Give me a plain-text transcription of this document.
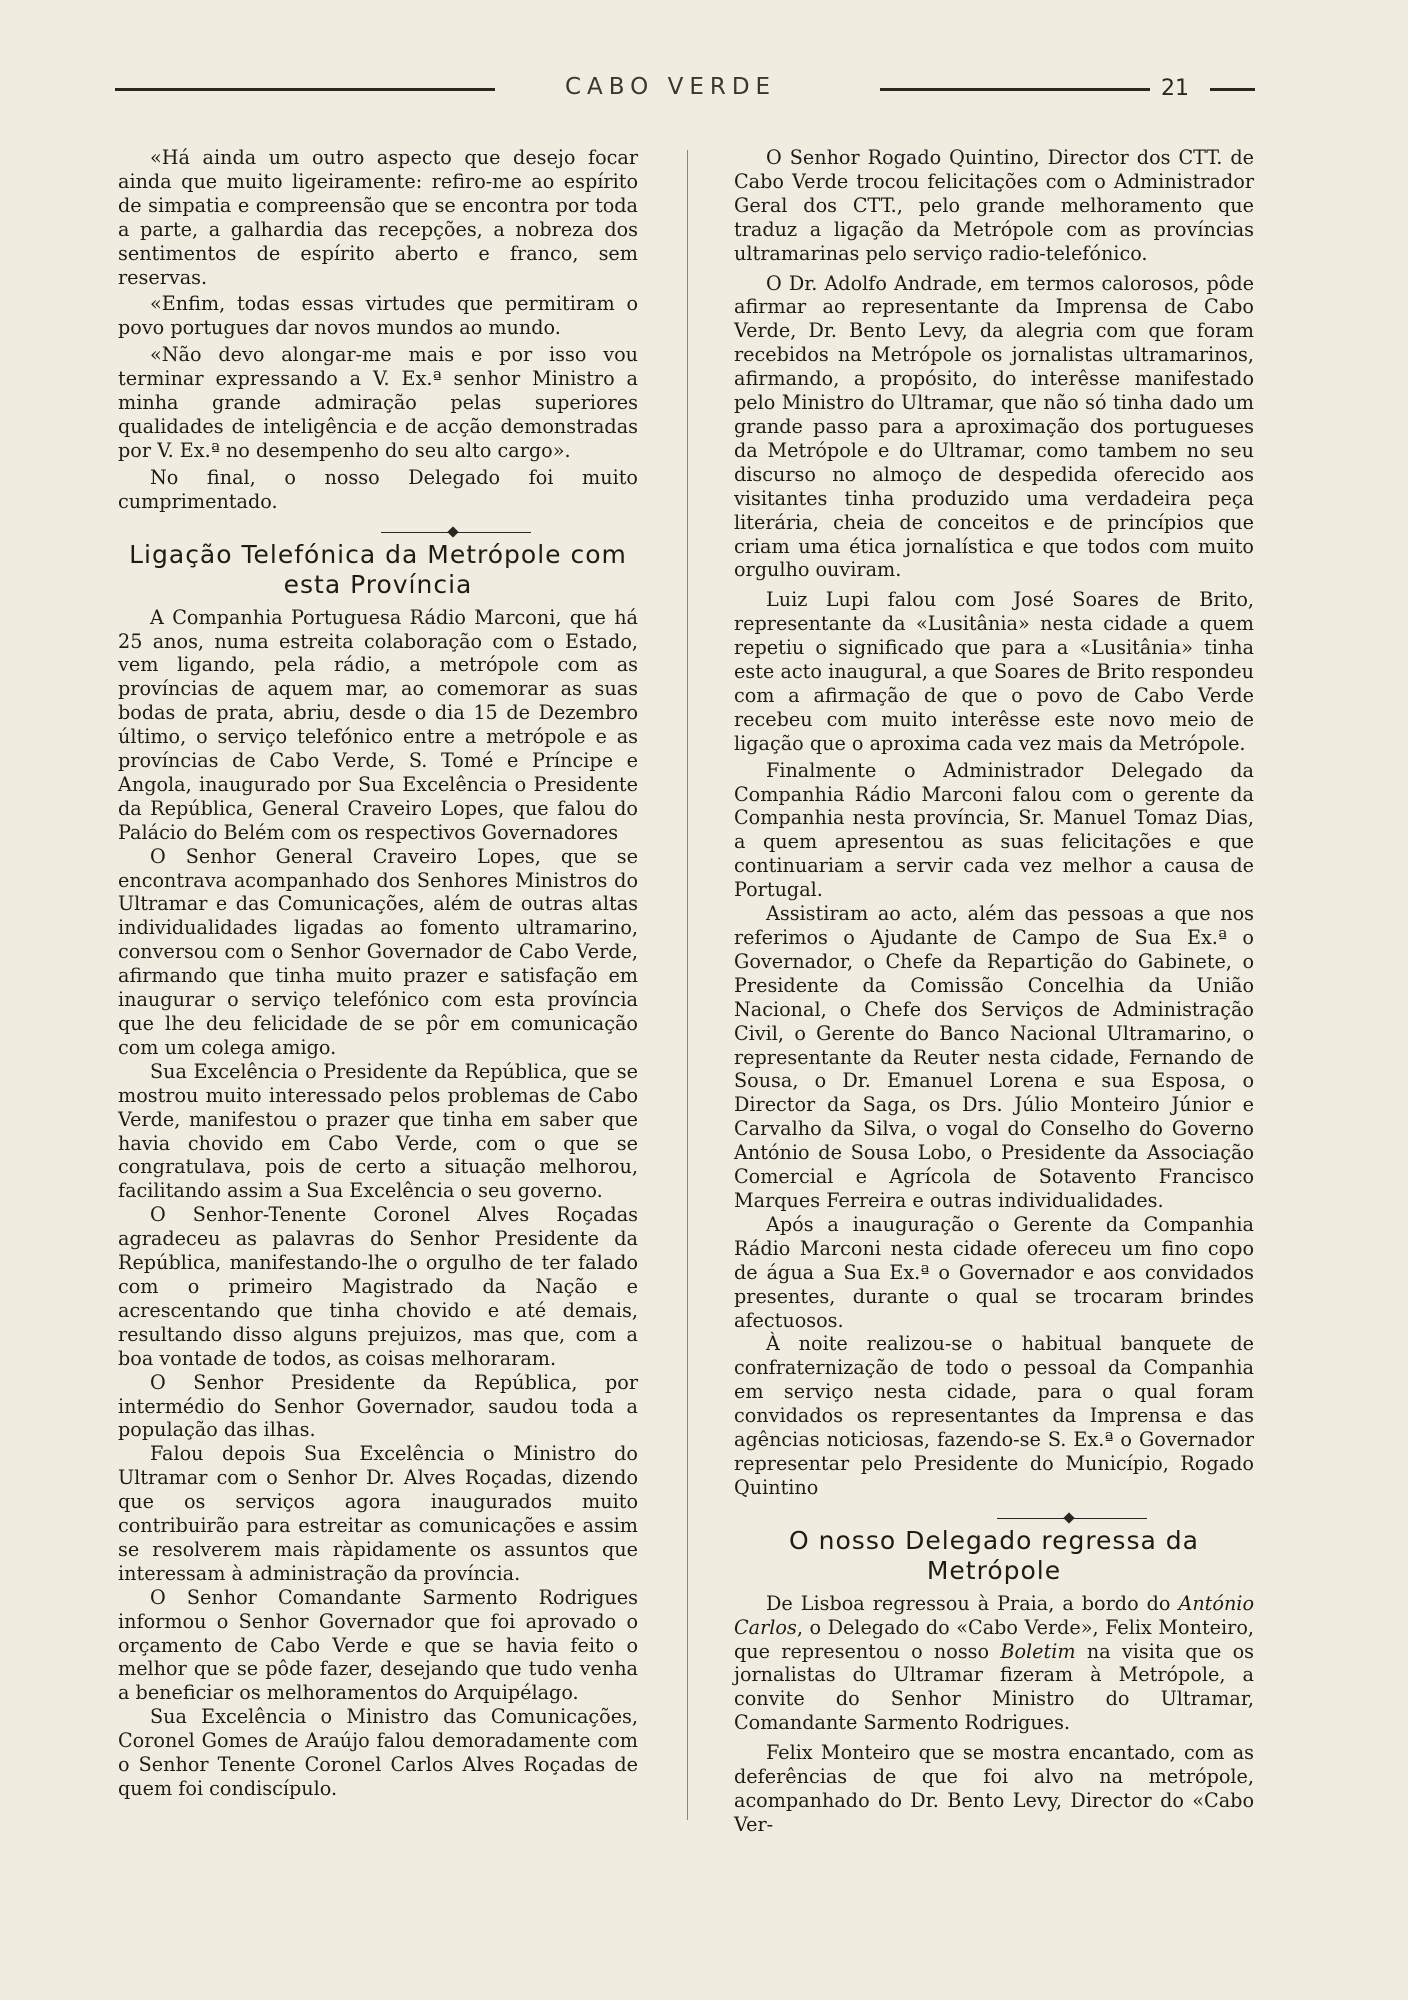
CABO VERDE	21

«Há ainda um outro aspecto que desejo focar ainda que muito ligeiramente: refiro-me ao espírito de simpatia e compreensão que se encontra por toda a parte, a galhardia das recepções, a nobreza dos sentimentos de espírito aberto e franco, sem reservas.

«Enfim, todas essas virtudes que permitiram o povo portugues dar novos mundos ao mundo.

«Não devo alongar-me mais e por isso vou terminar expressando a V. Ex.ª senhor Ministro a minha grande admiração pelas superiores qualidades de inteligência e de acção demonstradas por V. Ex.ª no desempenho do seu alto cargo».

No final, o nosso Delegado foi muito cumprimentado.

Ligação Telefónica da Metrópole com esta Província

A Companhia Portuguesa Rádio Marconi, que há 25 anos, numa estreita colaboração com o Estado, vem ligando, pela rádio, a metrópole com as províncias de aquem mar, ao comemorar as suas bodas de prata, abriu, desde o dia 15 de Dezembro último, o serviço telefónico entre a metrópole e as províncias de Cabo Verde, S. Tomé e Príncipe e Angola, inaugurado por Sua Excelência o Presidente da República, General Craveiro Lopes, que falou do Palácio do Belém com os respectivos Governadores

O Senhor General Craveiro Lopes, que se encontrava acompanhado dos Senhores Ministros do Ultramar e das Comunicações, além de outras altas individualidades ligadas ao fomento ultramarino, conversou com o Senhor Governador de Cabo Verde, afirmando que tinha muito prazer e satisfação em inaugurar o serviço telefónico com esta província que lhe deu felicidade de se pôr em comunicação com um colega amigo.

Sua Excelência o Presidente da República, que se mostrou muito interessado pelos problemas de Cabo Verde, manifestou o prazer que tinha em saber que havia chovido em Cabo Verde, com o que se congratulava, pois de certo a situação melhorou, facilitando assim a Sua Excelência o seu governo.

O Senhor-Tenente Coronel Alves Roçadas agradeceu as palavras do Senhor Presidente da República, manifestando-lhe o orgulho de ter falado com o primeiro Magistrado da Nação e acrescentando que tinha chovido e até demais, resultando disso alguns prejuizos, mas que, com a boa vontade de todos, as coisas melhoraram.

O Senhor Presidente da República, por intermédio do Senhor Governador, saudou toda a população das ilhas.

Falou depois Sua Excelência o Ministro do Ultramar com o Senhor Dr. Alves Roçadas, dizendo que os serviços agora inaugurados muito contribuirão para estreitar as comunicações e assim se resolverem mais ràpidamente os assuntos que interessam à administração da província.

O Senhor Comandante Sarmento Rodrigues informou o Senhor Governador que foi aprovado o orçamento de Cabo Verde e que se havia feito o melhor que se pôde fazer, desejando que tudo venha a beneficiar os melhoramentos do Arquipélago.

Sua Excelência o Ministro das Comunicações, Coronel Gomes de Araújo falou demoradamente com o Senhor Tenente Coronel Carlos Alves Roçadas de quem foi condiscípulo.

O Senhor Rogado Quintino, Director dos CTT. de Cabo Verde trocou felicitações com o Administrador Geral dos CTT., pelo grande melhoramento que traduz a ligação da Metrópole com as províncias ultramarinas pelo serviço radio-telefónico.

O Dr. Adolfo Andrade, em termos calorosos, pôde afirmar ao representante da Imprensa de Cabo Verde, Dr. Bento Levy, da alegria com que foram recebidos na Metrópole os jornalistas ultramarinos, afirmando, a propósito, do interêsse manifestado pelo Ministro do Ultramar, que não só tinha dado um grande passo para a aproximação dos portugueses da Metrópole e do Ultramar, como tambem no seu discurso no almoço de despedida oferecido aos visitantes tinha produzido uma verdadeira peça literária, cheia de conceitos e de princípios que criam uma ética jornalística e que todos com muito orgulho ouviram.

Luiz Lupi falou com José Soares de Brito, representante da «Lusitânia» nesta cidade a quem repetiu o significado que para a «Lusitânia» tinha este acto inaugural, a que Soares de Brito respondeu com a afirmação de que o povo de Cabo Verde recebeu com muito interêsse este novo meio de ligação que o aproxima cada vez mais da Metrópole.

Finalmente o Administrador Delegado da Companhia Rádio Marconi falou com o gerente da Companhia nesta província, Sr. Manuel Tomaz Dias, a quem apresentou as suas felicitações e que continuariam a servir cada vez melhor a causa de Portugal.

Assistiram ao acto, além das pessoas a que nos referimos o Ajudante de Campo de Sua Ex.ª o Governador, o Chefe da Repartição do Gabinete, o Presidente da Comissão Concelhia da União Nacional, o Chefe dos Serviços de Administração Civil, o Gerente do Banco Nacional Ultramarino, o representante da Reuter nesta cidade, Fernando de Sousa, o Dr. Emanuel Lorena e sua Esposa, o Director da Saga, os Drs. Júlio Monteiro Júnior e Carvalho da Silva, o vogal do Conselho do Governo António de Sousa Lobo, o Presidente da Associação Comercial e Agrícola de Sotavento Francisco Marques Ferreira e outras individualidades.

Após a inauguração o Gerente da Companhia Rádio Marconi nesta cidade ofereceu um fino copo de água a Sua Ex.ª o Governador e aos convidados presentes, durante o qual se trocaram brindes afectuosos.

À noite realizou-se o habitual banquete de confraternização de todo o pessoal da Companhia em serviço nesta cidade, para o qual foram convidados os representantes da Imprensa e das agências noticiosas, fazendo-se S. Ex.ª o Governador representar pelo Presidente do Município, Rogado Quintino

O nosso Delegado regressa da Metrópole

De Lisboa regressou à Praia, a bordo do António Carlos, o Delegado do «Cabo Verde», Felix Monteiro, que representou o nosso Boletim na visita que os jornalistas do Ultramar fizeram à Metrópole, a convite do Senhor Ministro do Ultramar, Comandante Sarmento Rodrigues.

Felix Monteiro que se mostra encantado, com as deferências de que foi alvo na metrópole, acompanhado do Dr. Bento Levy, Director do «Cabo Ver-
